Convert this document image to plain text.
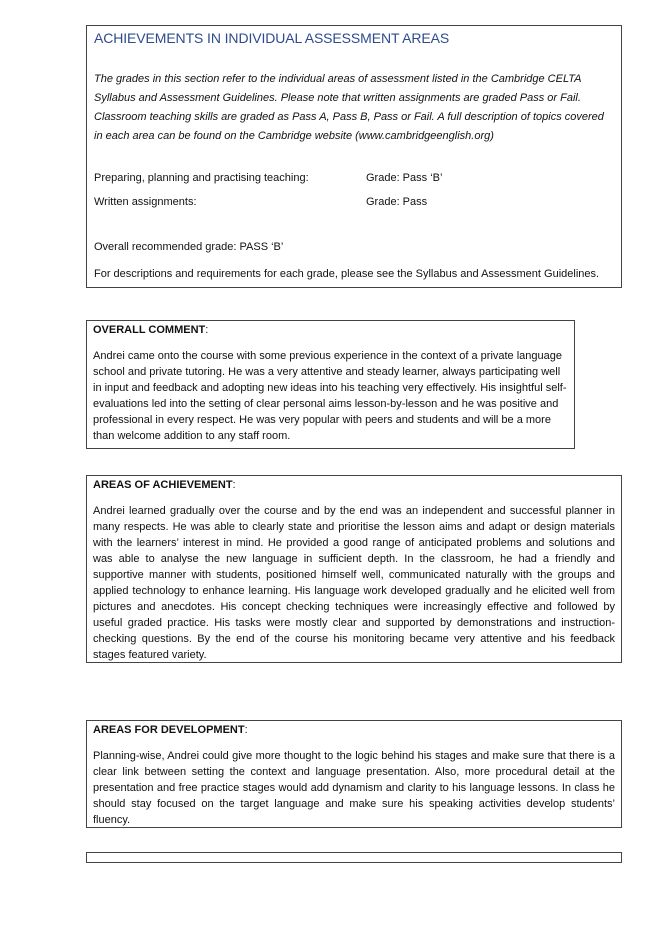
ACHIEVEMENTS IN INDIVIDUAL ASSESSMENT AREAS
The grades in this section refer to the individual areas of assessment listed in the Cambridge CELTA Syllabus and Assessment Guidelines. Please note that written assignments are graded Pass or Fail. Classroom teaching skills are graded as Pass A, Pass B, Pass or Fail. A full description of topics covered in each area can be found on the Cambridge website (www.cambridgeenglish.org)
Preparing, planning and practising teaching:	Grade: Pass ‘B’
Written assignments:	Grade: Pass
Overall recommended grade: PASS ‘B’
For descriptions and requirements for each grade, please see the Syllabus and Assessment Guidelines.
OVERALL COMMENT:
Andrei came onto the course with some previous experience in the context of a private language school and private tutoring. He was a very attentive and steady learner, always participating well in input and feedback and adopting new ideas into his teaching very effectively. His insightful self-evaluations led into the setting of clear personal aims lesson-by-lesson and he was positive and professional in every respect. He was very popular with peers and students and will be a more than welcome addition to any staff room.
AREAS OF ACHIEVEMENT:
Andrei learned gradually over the course and by the end was an independent and successful planner in many respects. He was able to clearly state and prioritise the lesson aims and adapt or design materials with the learners’ interest in mind. He provided a good range of anticipated problems and solutions and was able to analyse the new language in sufficient depth. In the classroom, he had a friendly and supportive manner with students, positioned himself well, communicated naturally with the groups and applied technology to enhance learning. His language work developed gradually and he elicited well from pictures and anecdotes. His concept checking techniques were increasingly effective and followed by useful graded practice. His tasks were mostly clear and supported by demonstrations and instruction-checking questions. By the end of the course his monitoring became very attentive and his feedback stages featured variety.
AREAS FOR DEVELOPMENT:
Planning-wise, Andrei could give more thought to the logic behind his stages and make sure that there is a clear link between setting the context and language presentation. Also, more procedural detail at the presentation and free practice stages would add dynamism and clarity to his language lessons. In class he should stay focused on the target language and make sure his speaking activities develop students’ fluency.
